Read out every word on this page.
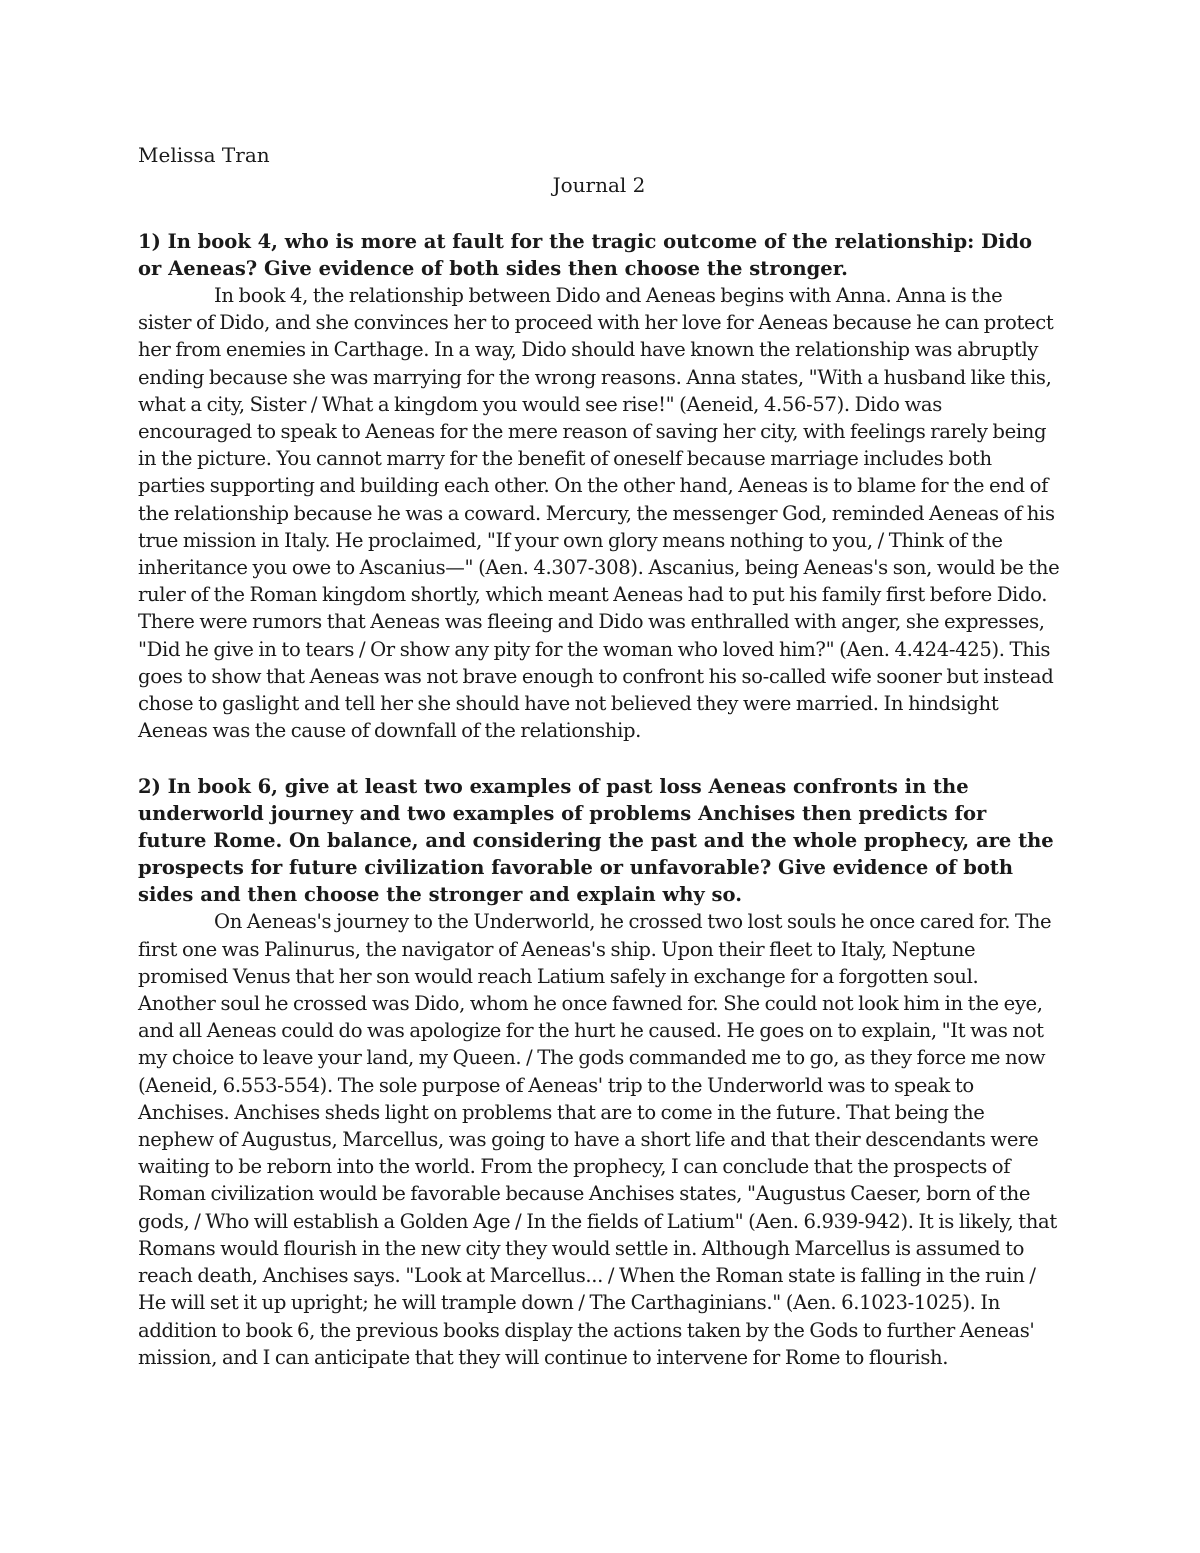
Melissa Tran

Journal 2

1) In book 4, who is more at fault for the tragic outcome of the relationship: Dido or Aeneas? Give evidence of both sides then choose the stronger.

In book 4, the relationship between Dido and Aeneas begins with Anna. Anna is the sister of Dido, and she convinces her to proceed with her love for Aeneas because he can protect her from enemies in Carthage. In a way, Dido should have known the relationship was abruptly ending because she was marrying for the wrong reasons. Anna states, "With a husband like this, what a city, Sister / What a kingdom you would see rise!" (Aeneid, 4.56-57). Dido was encouraged to speak to Aeneas for the mere reason of saving her city, with feelings rarely being in the picture. You cannot marry for the benefit of oneself because marriage includes both parties supporting and building each other. On the other hand, Aeneas is to blame for the end of the relationship because he was a coward. Mercury, the messenger God, reminded Aeneas of his true mission in Italy. He proclaimed, "If your own glory means nothing to you, / Think of the inheritance you owe to Ascanius—" (Aen. 4.307-308). Ascanius, being Aeneas's son, would be the ruler of the Roman kingdom shortly, which meant Aeneas had to put his family first before Dido. There were rumors that Aeneas was fleeing and Dido was enthralled with anger, she expresses, "Did he give in to tears / Or show any pity for the woman who loved him?" (Aen. 4.424-425). This goes to show that Aeneas was not brave enough to confront his so-called wife sooner but instead chose to gaslight and tell her she should have not believed they were married. In hindsight Aeneas was the cause of downfall of the relationship.

2) In book 6, give at least two examples of past loss Aeneas confronts in the underworld journey and two examples of problems Anchises then predicts for future Rome. On balance, and considering the past and the whole prophecy, are the prospects for future civilization favorable or unfavorable? Give evidence of both sides and then choose the stronger and explain why so.

On Aeneas's journey to the Underworld, he crossed two lost souls he once cared for. The first one was Palinurus, the navigator of Aeneas's ship. Upon their fleet to Italy, Neptune promised Venus that her son would reach Latium safely in exchange for a forgotten soul. Another soul he crossed was Dido, whom he once fawned for. She could not look him in the eye, and all Aeneas could do was apologize for the hurt he caused. He goes on to explain, "It was not my choice to leave your land, my Queen. / The gods commanded me to go, as they force me now (Aeneid, 6.553-554). The sole purpose of Aeneas' trip to the Underworld was to speak to Anchises. Anchises sheds light on problems that are to come in the future. That being the nephew of Augustus, Marcellus, was going to have a short life and that their descendants were waiting to be reborn into the world. From the prophecy, I can conclude that the prospects of Roman civilization would be favorable because Anchises states, "Augustus Caeser, born of the gods, / Who will establish a Golden Age / In the fields of Latium" (Aen. 6.939-942). It is likely, that Romans would flourish in the new city they would settle in. Although Marcellus is assumed to reach death, Anchises says. "Look at Marcellus... / When the Roman state is falling in the ruin / He will set it up upright; he will trample down / The Carthaginians." (Aen. 6.1023-1025). In addition to book 6, the previous books display the actions taken by the Gods to further Aeneas' mission, and I can anticipate that they will continue to intervene for Rome to flourish.
